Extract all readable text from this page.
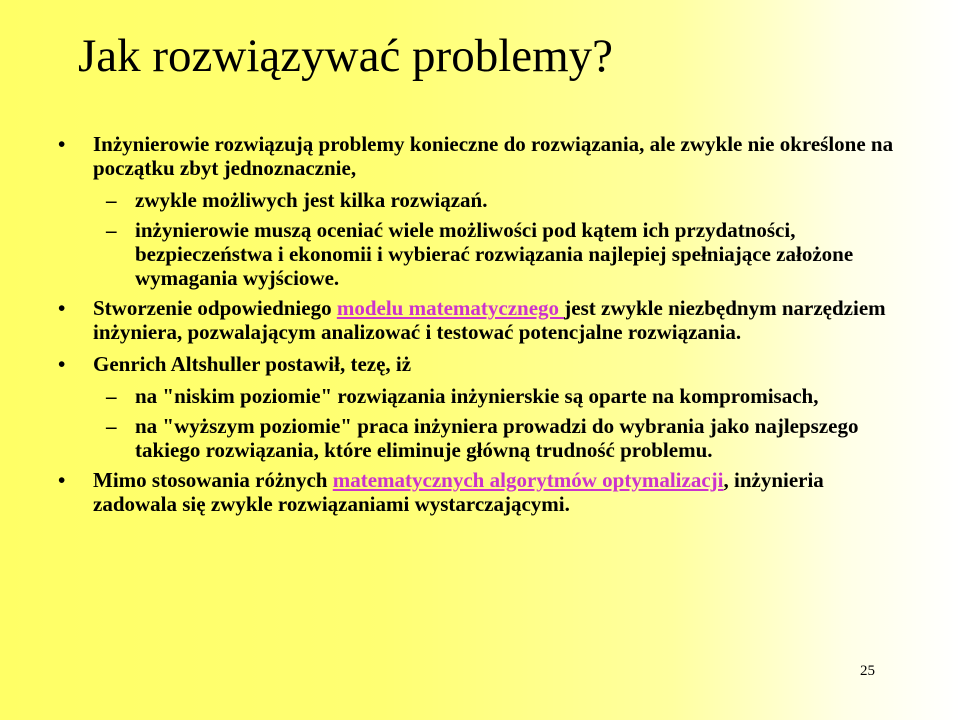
Jak rozwiązywać problemy?
• Inżynierowie rozwiązują problemy konieczne do rozwiązania, ale zwykle nie określone na początku zbyt jednoznacznie,
– zwykle możliwych jest kilka rozwiązań.
– inżynierowie muszą oceniać wiele możliwości pod kątem ich przydatności, bezpieczeństwa i ekonomii i wybierać rozwiązania najlepiej spełniające założone wymagania wyjściowe.
• Stworzenie odpowiedniego modelu matematycznego jest zwykle niezbędnym narzędziem inżyniera, pozwalającym analizować i testować potencjalne rozwiązania.
• Genrich Altshuller postawił, tezę, iż
– na "niskim poziomie" rozwiązania inżynierskie są oparte na kompromisach,
– na "wyższym poziomie" praca inżyniera prowadzi do wybrania jako najlepszego takiego rozwiązania, które eliminuje główną trudność problemu.
• Mimo stosowania różnych matematycznych algorytmów optymalizacji, inżynieria zadowala się zwykle rozwiązaniami wystarczającymi.
25
